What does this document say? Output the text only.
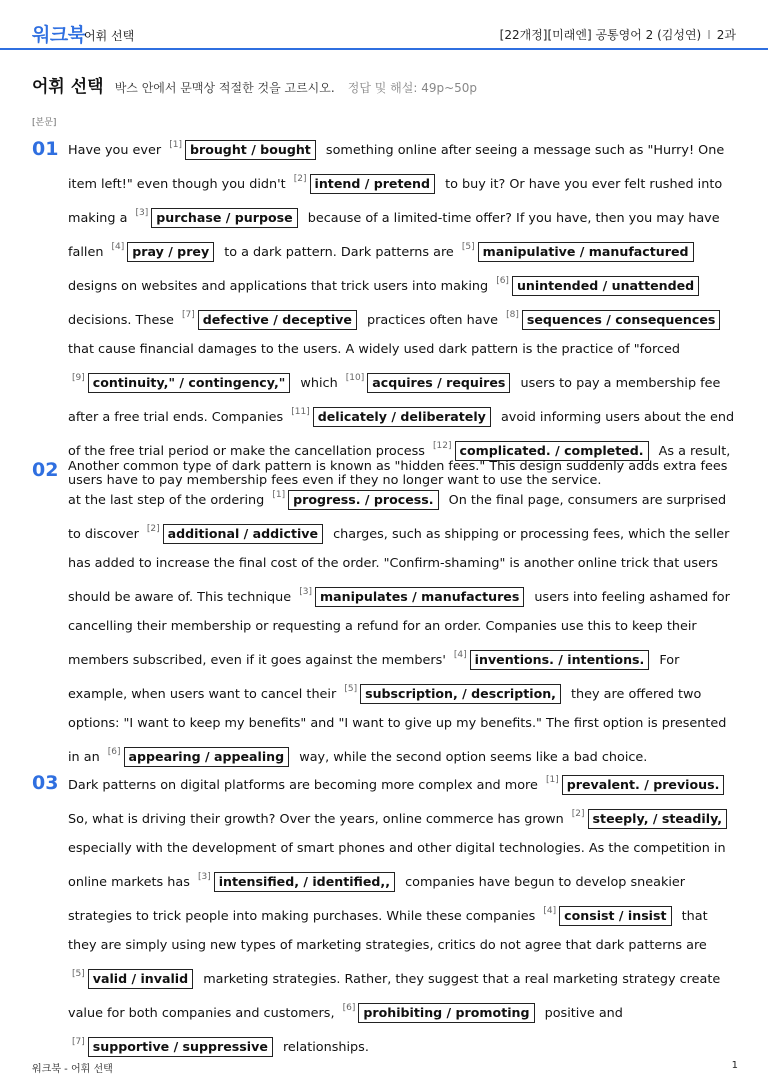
워크북
어휘 선택	[22개정][미래엔] 공통영어 2 (김성연) I 2과
어휘 선택 박스 안에서 문맥상 적절한 것을 고르시오. 정답 및 해설: 49p~50p
[본문]
01 Have you ever [1] brought / bought something online after seeing a message such as "Hurry! One item left!" even though you didn't [2] intend / pretend to buy it? Or have you ever felt rushed into making a [3] purchase / purpose because of a limited-time offer? If you have, then you may have fallen [4] pray / prey to a dark pattern. Dark patterns are [5] manipulative / manufactured designs on websites and applications that trick users into making [6] unintended / unattended decisions. These [7] defective / deceptive practices often have [8] sequences / consequences that cause financial damages to the users. A widely used dark pattern is the practice of "forced [9] continuity," / contingency," which [10] acquires / requires users to pay a membership fee after a free trial ends. Companies [11] delicately / deliberately avoid informing users about the end of the free trial period or make the cancellation process [12] complicated. / completed. As a result, users have to pay membership fees even if they no longer want to use the service.
02 Another common type of dark pattern is known as "hidden fees." This design suddenly adds extra fees at the last step of the ordering [1] progress. / process. On the final page, consumers are surprised to discover [2] additional / addictive charges, such as shipping or processing fees, which the seller has added to increase the final cost of the order. "Confirm-shaming" is another online trick that users should be aware of. This technique [3] manipulates / manufactures users into feeling ashamed for cancelling their membership or requesting a refund for an order. Companies use this to keep their members subscribed, even if it goes against the members' [4] inventions. / intentions. For example, when users want to cancel their [5] subscription, / description, they are offered two options: "I want to keep my benefits" and "I want to give up my benefits." The first option is presented in an [6] appearing / appealing way, while the second option seems like a bad choice.
03 Dark patterns on digital platforms are becoming more complex and more [1] prevalent. / previous. So, what is driving their growth? Over the years, online commerce has grown [2] steeply, / steadily, especially with the development of smart phones and other digital technologies. As the competition in online markets has [3] intensified, / identified,, companies have begun to develop sneakier strategies to trick people into making purchases. While these companies [4] consist / insist that they are simply using new types of marketing strategies, critics do not agree that dark patterns are [5] valid / invalid marketing strategies. Rather, they suggest that a real marketing strategy create value for both companies and customers, [6] prohibiting / promoting positive and [7] supportive / suppressive relationships.
워크북 - 어휘 선택	1
